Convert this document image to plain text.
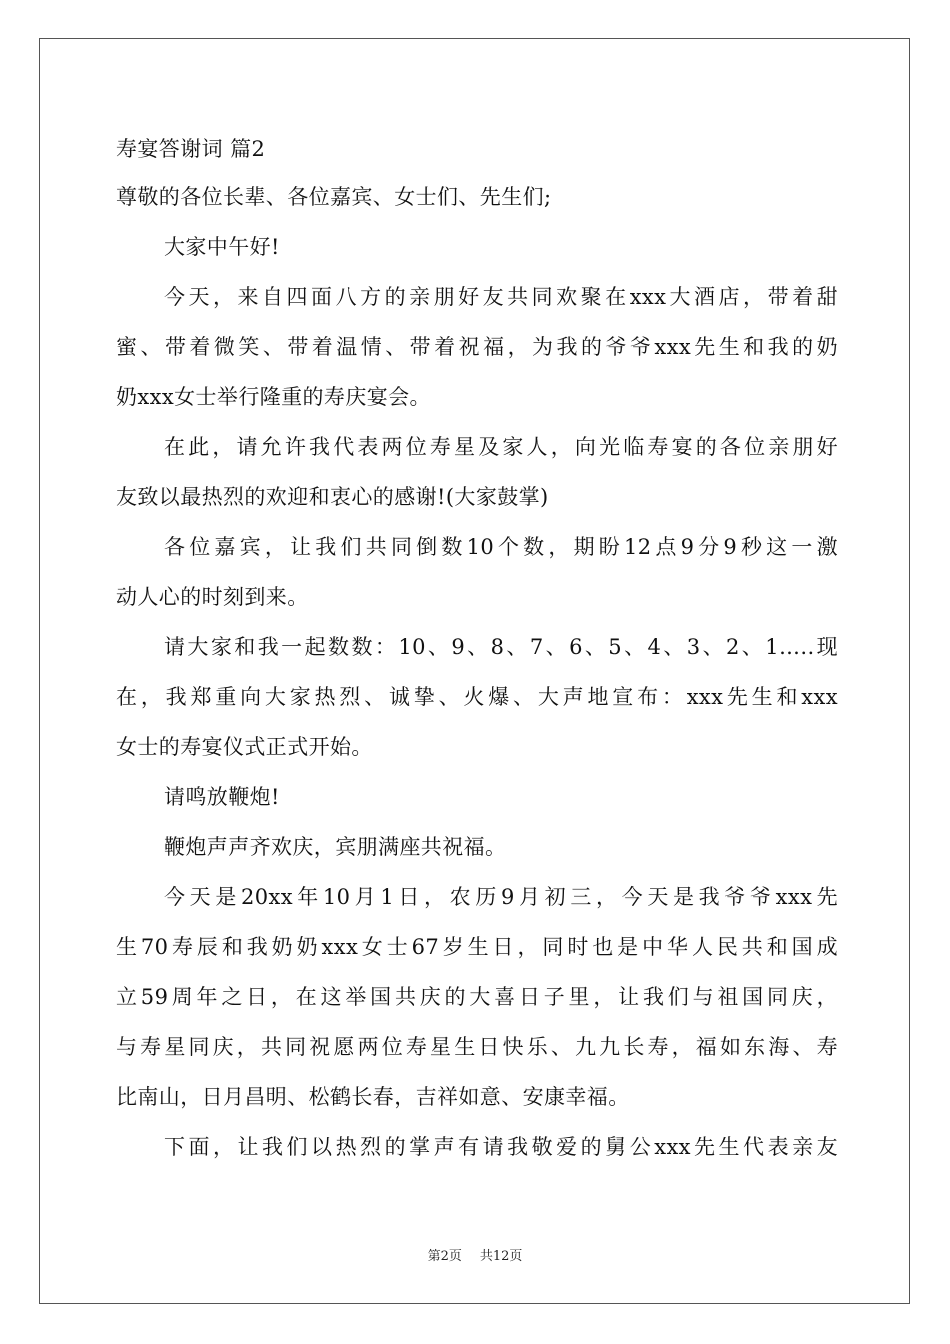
寿宴答谢词 篇2
尊敬的各位长辈、各位嘉宾、女士们、先生们;
大家中午好!
今天，来自四面八方的亲朋好友共同欢聚在xxx大酒店，带着甜
蜜、带着微笑、带着温情、带着祝福，为我的爷爷xxx先生和我的奶
奶xxx女士举行隆重的寿庆宴会。
在此，请允许我代表两位寿星及家人，向光临寿宴的各位亲朋好
友致以最热烈的欢迎和衷心的感谢!(大家鼓掌)
各位嘉宾，让我们共同倒数10个数，期盼12点9分9秒这一激
动人心的时刻到来。
请大家和我一起数数：10、9、8、7、6、5、4、3、2、1…..现
在，我郑重向大家热烈、诚挚、火爆、大声地宣布：xxx先生和xxx
女士的寿宴仪式正式开始。
请鸣放鞭炮!
鞭炮声声齐欢庆，宾朋满座共祝福。
今天是20xx年10月1日，农历9月初三，今天是我爷爷xxx先
生70寿辰和我奶奶xxx女士67岁生日，同时也是中华人民共和国成
立59周年之日，在这举国共庆的大喜日子里，让我们与祖国同庆，
与寿星同庆，共同祝愿两位寿星生日快乐、九九长寿，福如东海、寿
比南山，日月昌明、松鹤长春，吉祥如意、安康幸福。
下面，让我们以热烈的掌声有请我敬爱的舅公xxx先生代表亲友
第2页 共12页
